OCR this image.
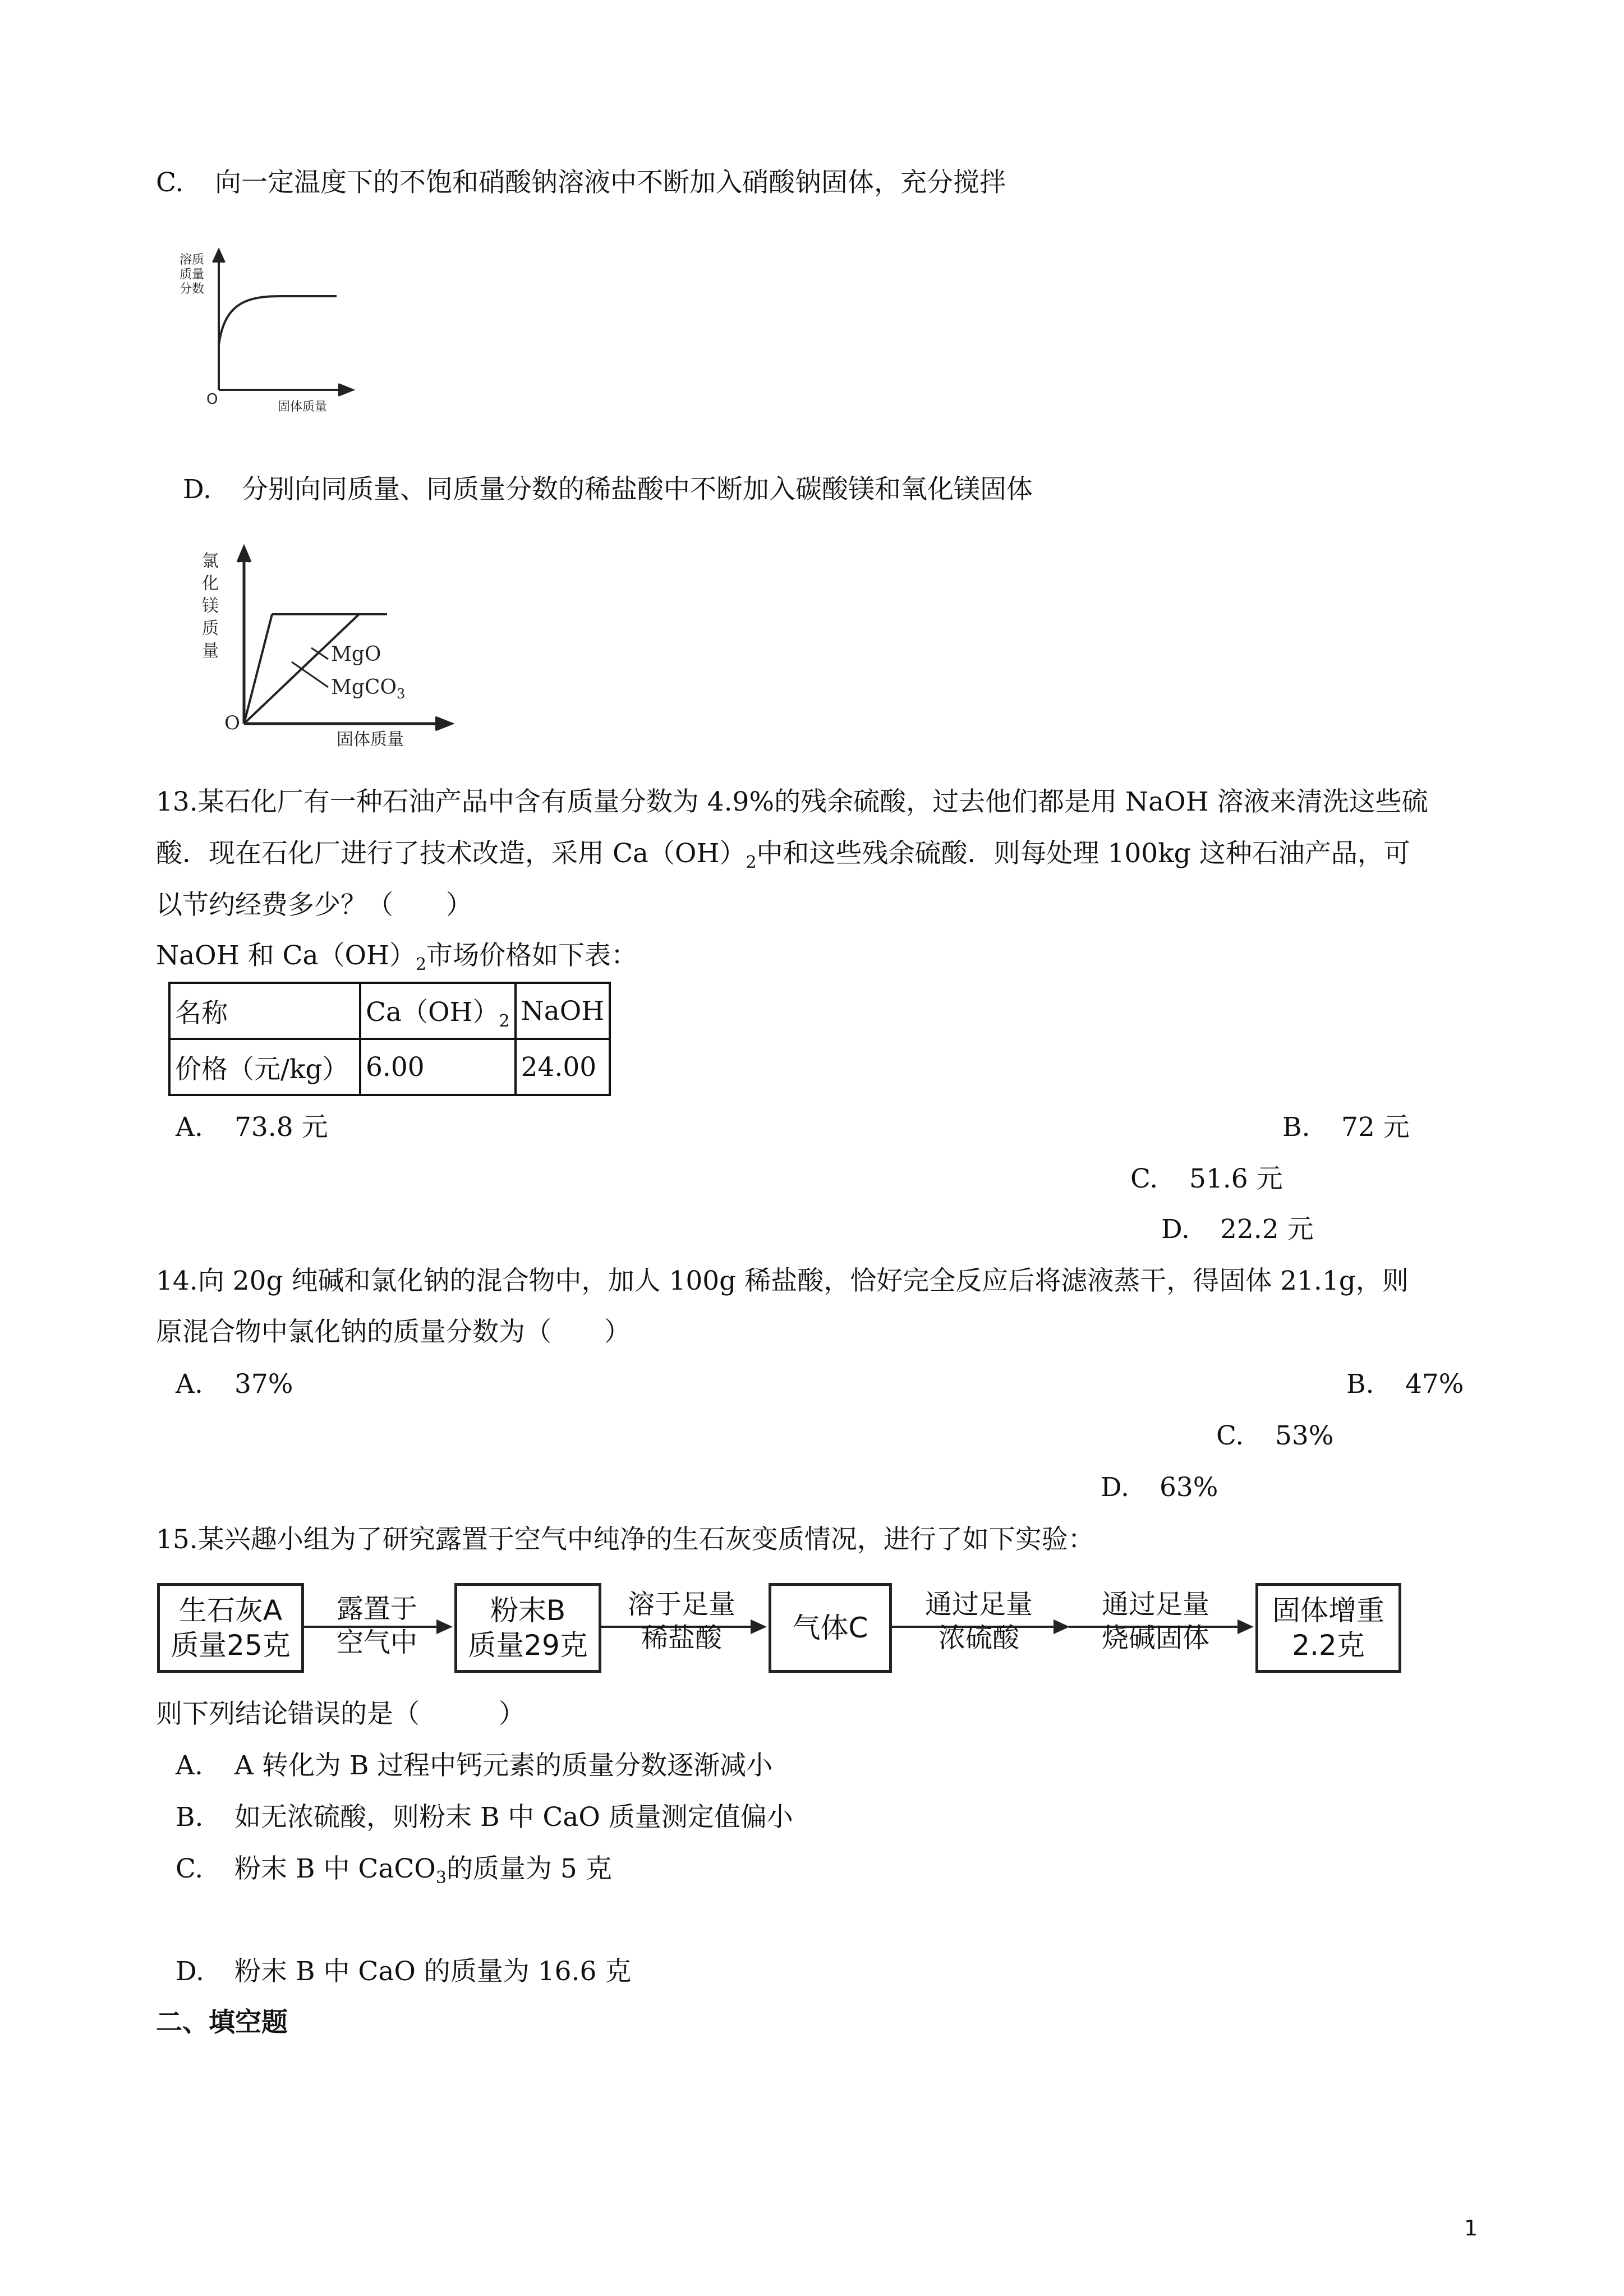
C. 向一定温度下的不饱和硝酸钠溶液中不断加入硝酸钠固体，充分搅拌
溶质
质量
分数
固体质量
O
D. 分别向同质量、同质量分数的稀盐酸中不断加入碳酸镁和氧化镁固体
氯
化
镁
质
量	MgO
MgCO$_3$
固体质量
O
13.某石化厂有一种石油产品中含有质量分数为 4.9%的残余硫酸，过去他们都是用 NaOH 溶液来清洗这些硫
酸．现在石化厂进行了技术改造，采用 $Ca(OH)_2$中和这些残余硫酸．则每处理 100kg 这种石油产品，可
以节约经费多少？（　　）
NaOH 和 $Ca(OH)_2$市场价格如下表：
名称	$Ca(OH)_2$	NaOH
价格（元/kg）	6.00	24.00
A. 73.8 元	B. 72 元
C. 51.6 元
D. 22.2 元
14.向 20g 纯碱和氯化钠的混合物中，加人 100g 稀盐酸，恰好完全反应后将滤液蒸干，得固体 21.1g，则
原混合物中氯化钠的质量分数为（　　）
A. 37%	B. 47%
C. 53%
D. 63%
15.某兴趣小组为了研究露置于空气中纯净的生石灰变质情况，进行了如下实验：
生石灰A
质量25克
露置于
空气中
粉末B
质量29克
溶于足量
稀盐酸	气体C
通过足量
浓硫酸
通过足量
烧碱固体
固体增重
2.2克
则下列结论错误的是（　　　）
A. A 转化为 B 过程中钙元素的质量分数逐渐减小
B. 如无浓硫酸，则粉末 B 中 CaO 质量测定值偏小
C. 粉末 B 中 CaCO$_3$的质量为 5 克
D. 粉末 B 中 CaO 的质量为 16.6 克
二、填空题
1
